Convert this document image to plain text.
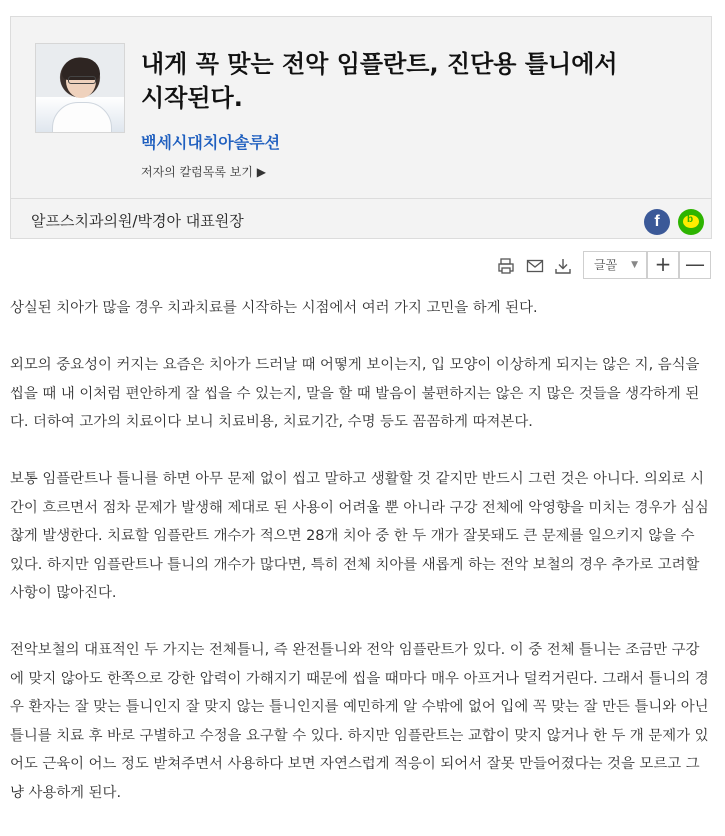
내게 꼭 맞는 전악 임플란트, 진단용 틀니에서
시작된다.
백세시대치아솔루션
저자의 칼럼목록 보기 ▶
알프스치과의원/박경아 대표원장	f	b
글꼴 ▼ + —

상실된 치아가 많을 경우 치과치료를 시작하는 시점에서 여러 가지 고민을 하게 된다.

외모의 중요성이 커지는 요즘은 치아가 드러날 때 어떻게 보이는지, 입 모양이 이상하게 되지는 않은 지, 음식을 씹을 때 내 이처럼 편안하게 잘 씹을 수 있는지, 말을 할 때 발음이 불편하지는 않은 지 많은 것들을 생각하게 된다. 더하여 고가의 치료이다 보니 치료비용, 치료기간, 수명 등도 꼼꼼하게 따져본다.

보통 임플란트나 틀니를 하면 아무 문제 없이 씹고 말하고 생활할 것 같지만 반드시 그런 것은 아니다. 의외로 시간이 흐르면서 점차 문제가 발생해 제대로 된 사용이 어려울 뿐 아니라 구강 전체에 악영향을 미치는 경우가 심심찮게 발생한다. 치료할 임플란트 개수가 적으면 28개 치아 중 한 두 개가 잘못돼도 큰 문제를 일으키지 않을 수 있다. 하지만 임플란트나 틀니의 개수가 많다면, 특히 전체 치아를 새롭게 하는 전악 보철의 경우 추가로 고려할 사항이 많아진다.

전악보철의 대표적인 두 가지는 전체틀니, 즉 완전틀니와 전악 임플란트가 있다. 이 중 전체 틀니는 조금만 구강에 맞지 않아도 한쪽으로 강한 압력이 가해지기 때문에 씹을 때마다 매우 아프거나 덜컥거린다. 그래서 틀니의 경우 환자는 잘 맞는 틀니인지 잘 맞지 않는 틀니인지를 예민하게 알 수밖에 없어 입에 꼭 맞는 잘 만든 틀니와 아닌 틀니를 치료 후 바로 구별하고 수정을 요구할 수 있다. 하지만 임플란트는 교합이 맞지 않거나 한 두 개 문제가 있어도 근육이 어느 정도 받쳐주면서 사용하다 보면 자연스럽게 적응이 되어서 잘못 만들어졌다는 것을 모르고 그냥 사용하게 된다.
